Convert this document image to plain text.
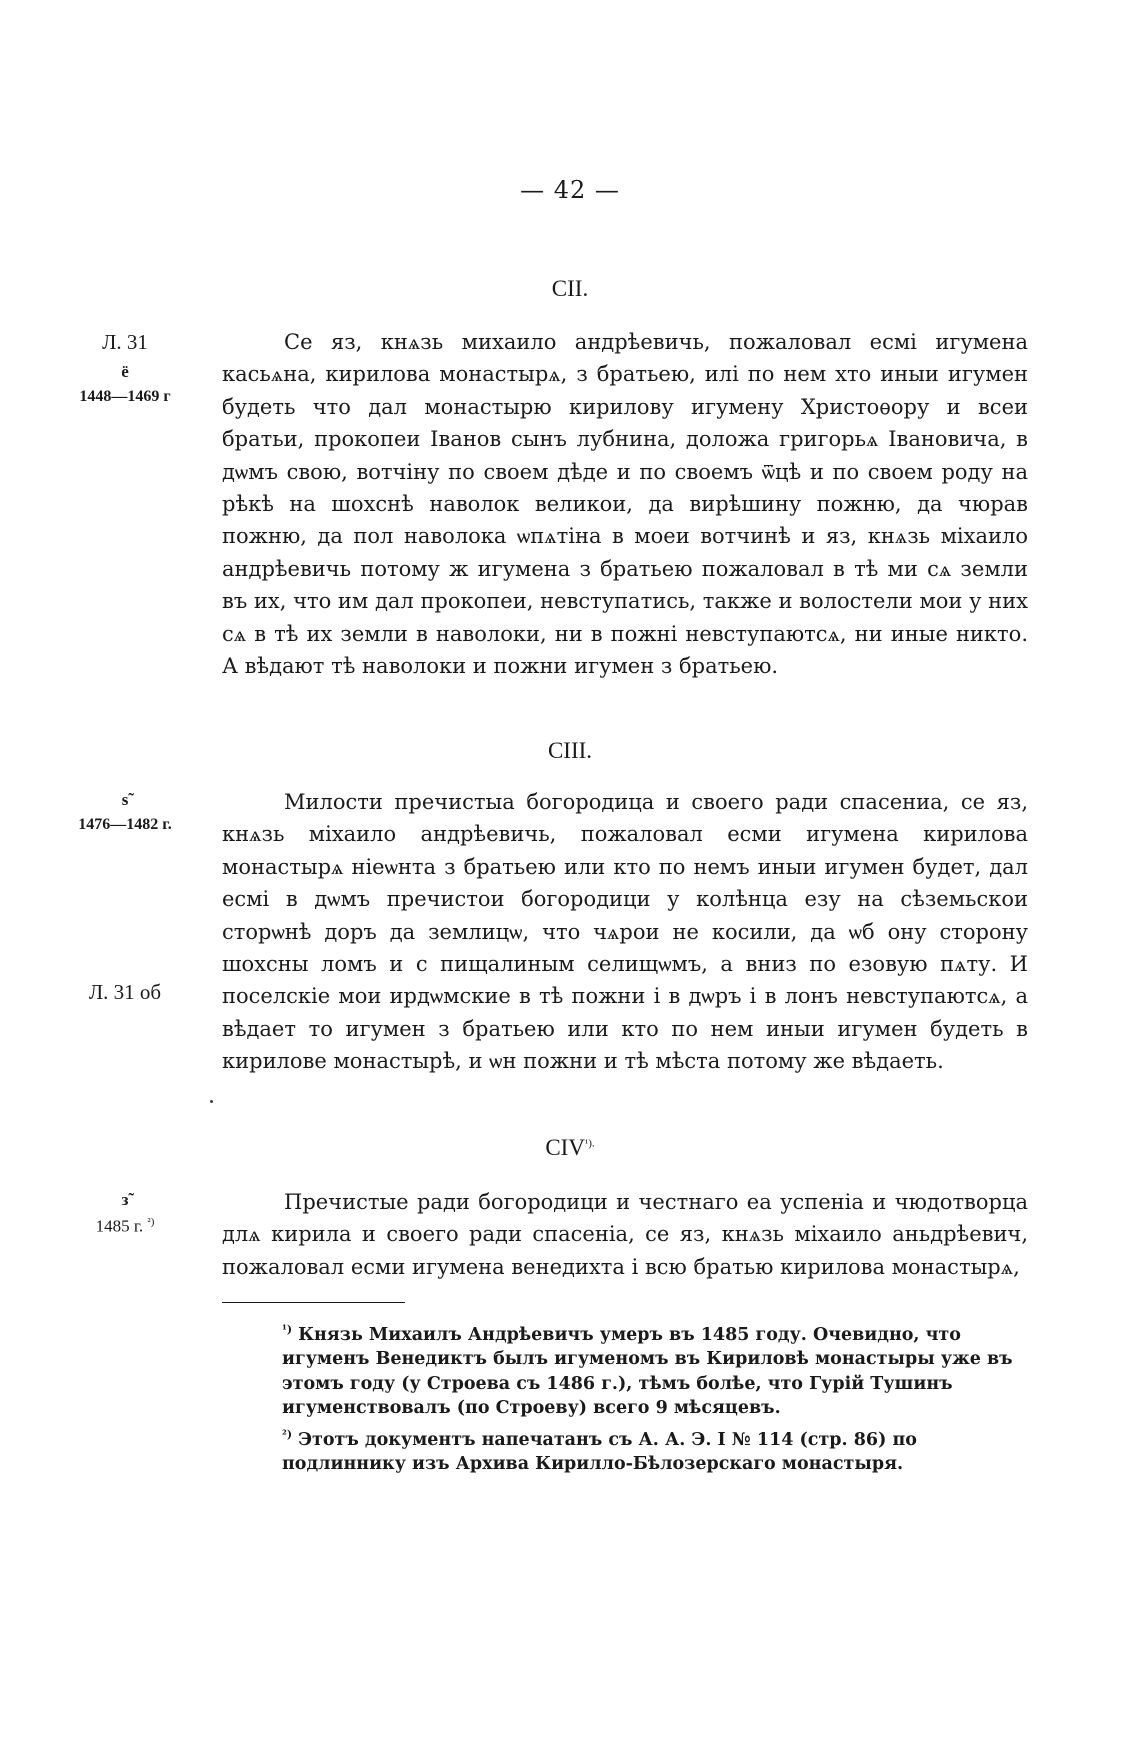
— 42 —
CII.
Л. 31
ё
1448—1469 г

Се яз, кнѧзь михаило андрѣевичь, пожаловал есмі игумена касьѧна, кирилова монастырѧ, з братьею, илі по нем хто иныи игумен будеть что дал монастырю кирилову игумену Христоѳору и всеи братьи, прокопеи Іванов сынъ лубнина, доложа григорьѧ Івановича, в дѡмъ свою, вотчіну по своем дѣде и по своемъ ѿцѣ и по своем роду на рѣкѣ на шохснѣ наволок великои, да вирѣшину пожню, да чюрав пожню, да пол наволока ѡпѧтіна в моеи вотчинѣ и яз, кнѧзь міхаило андрѣевичь потому ж игумена з братьею пожаловал в тѣ ми сѧ земли въ их, что им дал прокопеи, невступатись, также и волостели мои у них сѧ в тѣ их земли в наволоки, ни в пожні невступаютсѧ, ни иные никто. А вѣдают тѣ наволоки и пожни игумен з братьею.

CIII.
ѕ̃
1476—1482 г.
Л. 31 об

Милости пречистыа богородица и своего ради спасениа, се яз, кнѧзь міхаило андрѣевичь, пожаловал есми игумена кирилова монастырѧ ніеѡнта з братьею или кто по немъ иныи игумен будет, дал есмі в дѡмъ пречистои богородици у колѣнца езу на сѣземьскои сторѡнѣ доръ да землицѡ, что чѧрои не косили, да ѡб ону сторону шохсны ломъ и с пищалиным селищѡмъ, а вниз по езовую пѧту. И поселскіе мои ирдѡмские в тѣ пожни і в дѡръ і в лонъ невступаютсѧ, а вѣдает то игумен з братьею или кто по нем иныи игумен будеть в кирилове монастырѣ, и ѡн пожни и тѣ мѣста потому же вѣдаеть.

$CIV^{^1).}$
з̃
1485 г. $^{^2)}$

Пречистые ради богородици и честнаго еа успеніа и чюдотворца длѧ кирила и своего ради спасеніа, се яз, кнѧзь міхаило аньдрѣевич, пожаловал есми игумена венедихта і всю братью кирилова монастырѧ,

$^{^1)}$ Князь Михаилъ Андрѣевичъ умеръ въ 1485 году. Очевидно, что игуменъ Венедиктъ былъ игуменомъ въ Кириловѣ монастыры уже въ этомъ году (у Строева съ 1486 г.), тѣмъ болѣе, что Гурій Тушинъ игуменствовалъ (по Строеву) всего 9 мѣсяцевъ.

$^{^2)}$ Этотъ документъ напечатанъ съ А. А. Э. I № 114 (стр. 86) по подлиннику изъ Архива Кирилло-Бѣлозерскаго монастыря.
